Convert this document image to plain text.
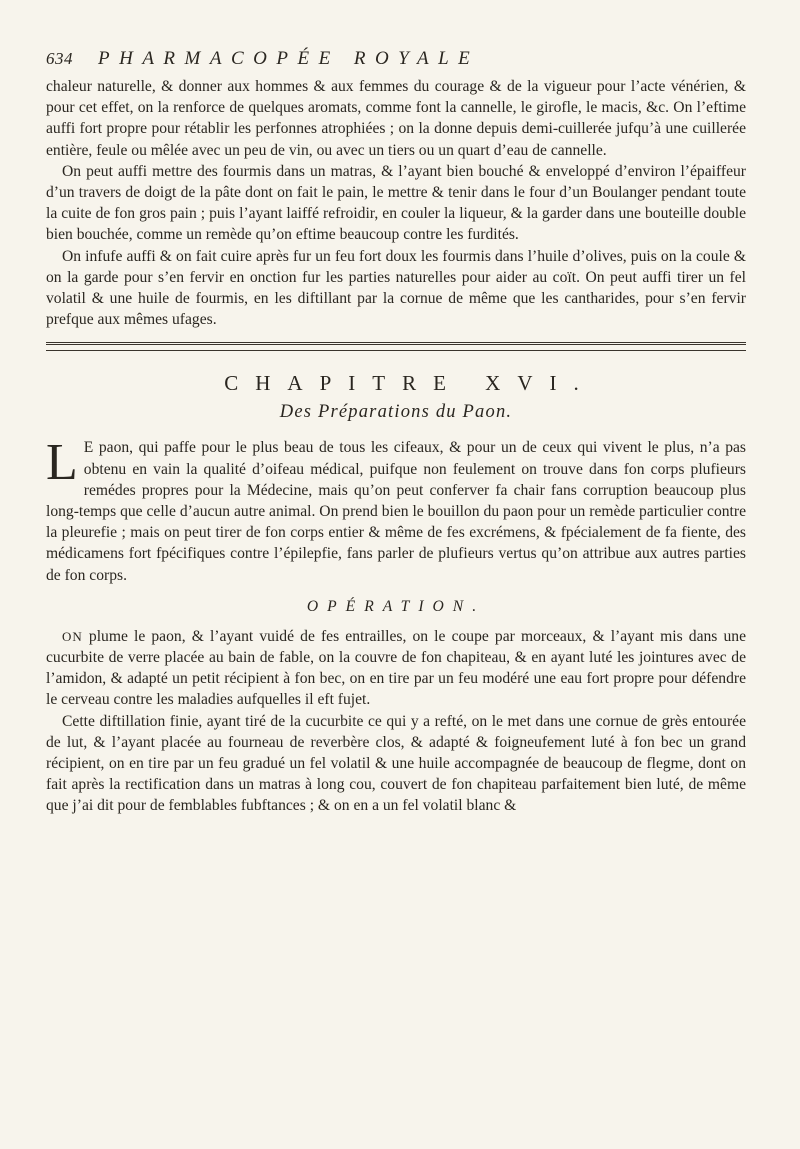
634	PHARMACOPÉE ROYALE

chaleur naturelle, & donner aux hommes & aux femmes du courage & de la vigueur pour l’acte vénérien, & pour cet effet, on la renforce de quelques aromats, comme font la cannelle, le girofle, le macis, &c. On l’eftime auffi fort propre pour rétablir les perfonnes atrophiées ; on la donne depuis demi-cuillerée jufqu’à une cuillerée entière, feule ou mêlée avec un peu de vin, ou avec un tiers ou un quart d’eau de cannelle.

On peut auffi mettre des fourmis dans un matras, & l’ayant bien bouché & enveloppé d’environ l’épaiffeur d’un travers de doigt de la pâte dont on fait le pain, le mettre & tenir dans le four d’un Boulanger pendant toute la cuite de fon gros pain ; puis l’ayant laiffé refroidir, en couler la liqueur, & la garder dans une bouteille double bien bouchée, comme un remède qu’on eftime beaucoup contre les furdités.

On infufe auffi & on fait cuire après fur un feu fort doux les fourmis dans l’huile d’olives, puis on la coule & on la garde pour s’en fervir en onction fur les parties naturelles pour aider au coït. On peut auffi tirer un fel volatil & une huile de fourmis, en les diftillant par la cornue de même que les cantharides, pour s’en fervir prefque aux mêmes ufages.

CHAPITRE XVI.
Des Préparations du Paon.

L E paon, qui paffe pour le plus beau de tous les cifeaux, & pour un de ceux qui vivent le plus, n’a pas obtenu en vain la qualité d’oifeau médical, puifque non feulement on trouve dans fon corps plufieurs remédes propres pour la Médecine, mais qu’on peut conferver fa chair fans corruption beaucoup plus long-temps que celle d’aucun autre animal. On prend bien le bouillon du paon pour un remède particulier contre la pleurefie ; mais on peut tirer de fon corps entier & même de fes excrémens, & fpécialement de fa fiente, des médicamens fort fpécifiques contre l’épilepfie, fans parler de plufieurs vertus qu’on attribue aux autres parties de fon corps.

OPÉRATION.

ON plume le paon, & l’ayant vuidé de fes entrailles, on le coupe par morceaux, & l’ayant mis dans une cucurbite de verre placée au bain de fable, on la couvre de fon chapiteau, & en ayant luté les jointures avec de l’amidon, & adapté un petit récipient à fon bec, on en tire par un feu modéré une eau fort propre pour défendre le cerveau contre les maladies aufquelles il eft fujet.

Cette diftillation finie, ayant tiré de la cucurbite ce qui y a refté, on le met dans une cornue de grès entourée de lut, & l’ayant placée au fourneau de reverbère clos, & adapté & foigneufement luté à fon bec un grand récipient, on en tire par un feu gradué un fel volatil & une huile accompagnée de beaucoup de flegme, dont on fait après la rectification dans un matras à long cou, couvert de fon chapiteau parfaitement bien luté, de même que j’ai dit pour de femblables fubftances ; & on en a un fel volatil blanc &
